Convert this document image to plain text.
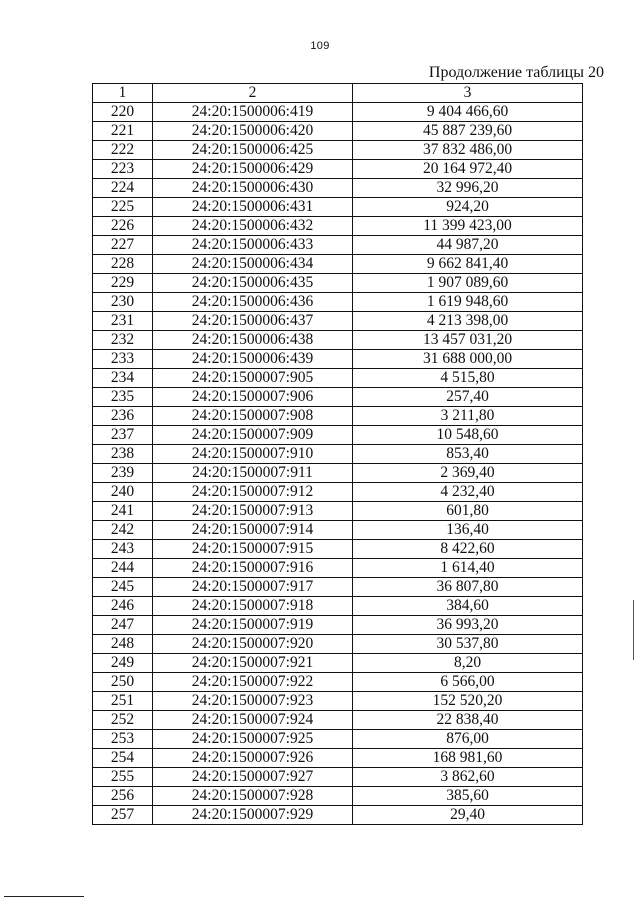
109
Продолжение таблицы 20
1	2	3
220	24:20:1500006:419	9 404 466,60
221	24:20:1500006:420	45 887 239,60
222	24:20:1500006:425	37 832 486,00
223	24:20:1500006:429	20 164 972,40
224	24:20:1500006:430	32 996,20
225	24:20:1500006:431	924,20
226	24:20:1500006:432	11 399 423,00
227	24:20:1500006:433	44 987,20
228	24:20:1500006:434	9 662 841,40
229	24:20:1500006:435	1 907 089,60
230	24:20:1500006:436	1 619 948,60
231	24:20:1500006:437	4 213 398,00
232	24:20:1500006:438	13 457 031,20
233	24:20:1500006:439	31 688 000,00
234	24:20:1500007:905	4 515,80
235	24:20:1500007:906	257,40
236	24:20:1500007:908	3 211,80
237	24:20:1500007:909	10 548,60
238	24:20:1500007:910	853,40
239	24:20:1500007:911	2 369,40
240	24:20:1500007:912	4 232,40
241	24:20:1500007:913	601,80
242	24:20:1500007:914	136,40
243	24:20:1500007:915	8 422,60
244	24:20:1500007:916	1 614,40
245	24:20:1500007:917	36 807,80
246	24:20:1500007:918	384,60
247	24:20:1500007:919	36 993,20
248	24:20:1500007:920	30 537,80
249	24:20:1500007:921	8,20
250	24:20:1500007:922	6 566,00
251	24:20:1500007:923	152 520,20
252	24:20:1500007:924	22 838,40
253	24:20:1500007:925	876,00
254	24:20:1500007:926	168 981,60
255	24:20:1500007:927	3 862,60
256	24:20:1500007:928	385,60
257	24:20:1500007:929	29,40
